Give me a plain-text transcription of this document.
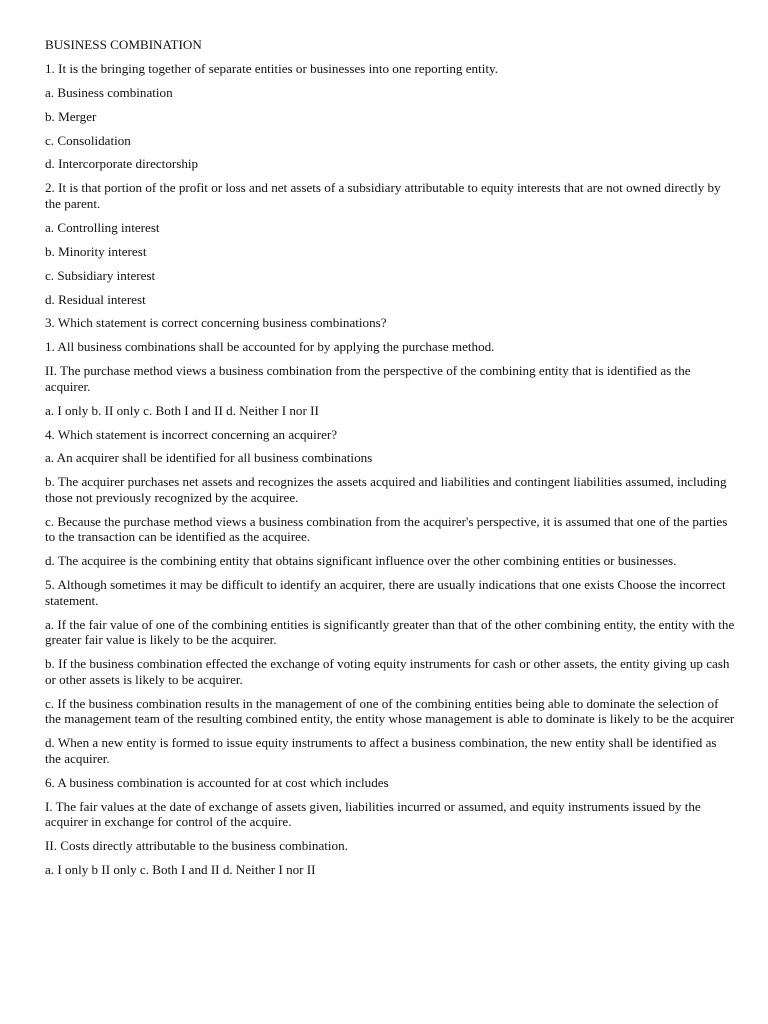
BUSINESS COMBINATION
1. It is the bringing together of separate entities or businesses into one reporting entity.
a. Business combination
b. Merger
c. Consolidation
d. Intercorporate directorship
2. It is that portion of the profit or loss and net assets of a subsidiary attributable to equity interests that are not owned directly by the parent.
a. Controlling interest
b. Minority interest
c. Subsidiary interest
d. Residual interest
3. Which statement is correct concerning business combinations?
1. All business combinations shall be accounted for by applying the purchase method.
II. The purchase method views a business combination from the perspective of the combining entity that is identified as the acquirer.
a. I only b. II only c. Both I and II d. Neither I nor II
4. Which statement is incorrect concerning an acquirer?
a. An acquirer shall be identified for all business combinations
b. The acquirer purchases net assets and recognizes the assets acquired and liabilities and contingent liabilities assumed, including those not previously recognized by the acquiree.
c. Because the purchase method views a business combination from the acquirer's perspective, it is assumed that one of the parties to the transaction can be identified as the acquiree.
d. The acquiree is the combining entity that obtains significant influence over the other combining entities or businesses.
5. Although sometimes it may be difficult to identify an acquirer, there are usually indications that one exists Choose the incorrect statement.
a. If the fair value of one of the combining entities is significantly greater than that of the other combining entity, the entity with the greater fair value is likely to be the acquirer.
b. If the business combination effected the exchange of voting equity instruments for cash or other assets, the entity giving up cash or other assets is likely to be acquirer.
c. If the business combination results in the management of one of the combining entities being able to dominate the selection of the management team of the resulting combined entity, the entity whose management is able to dominate is likely to be the acquirer
d. When a new entity is formed to issue equity instruments to affect a business combination, the new entity shall be identified as the acquirer.
6. A business combination is accounted for at cost which includes
I. The fair values at the date of exchange of assets given, liabilities incurred or assumed, and equity instruments issued by the acquirer in exchange for control of the acquire.
II. Costs directly attributable to the business combination.
a. I only b II only c. Both I and II d. Neither I nor II
